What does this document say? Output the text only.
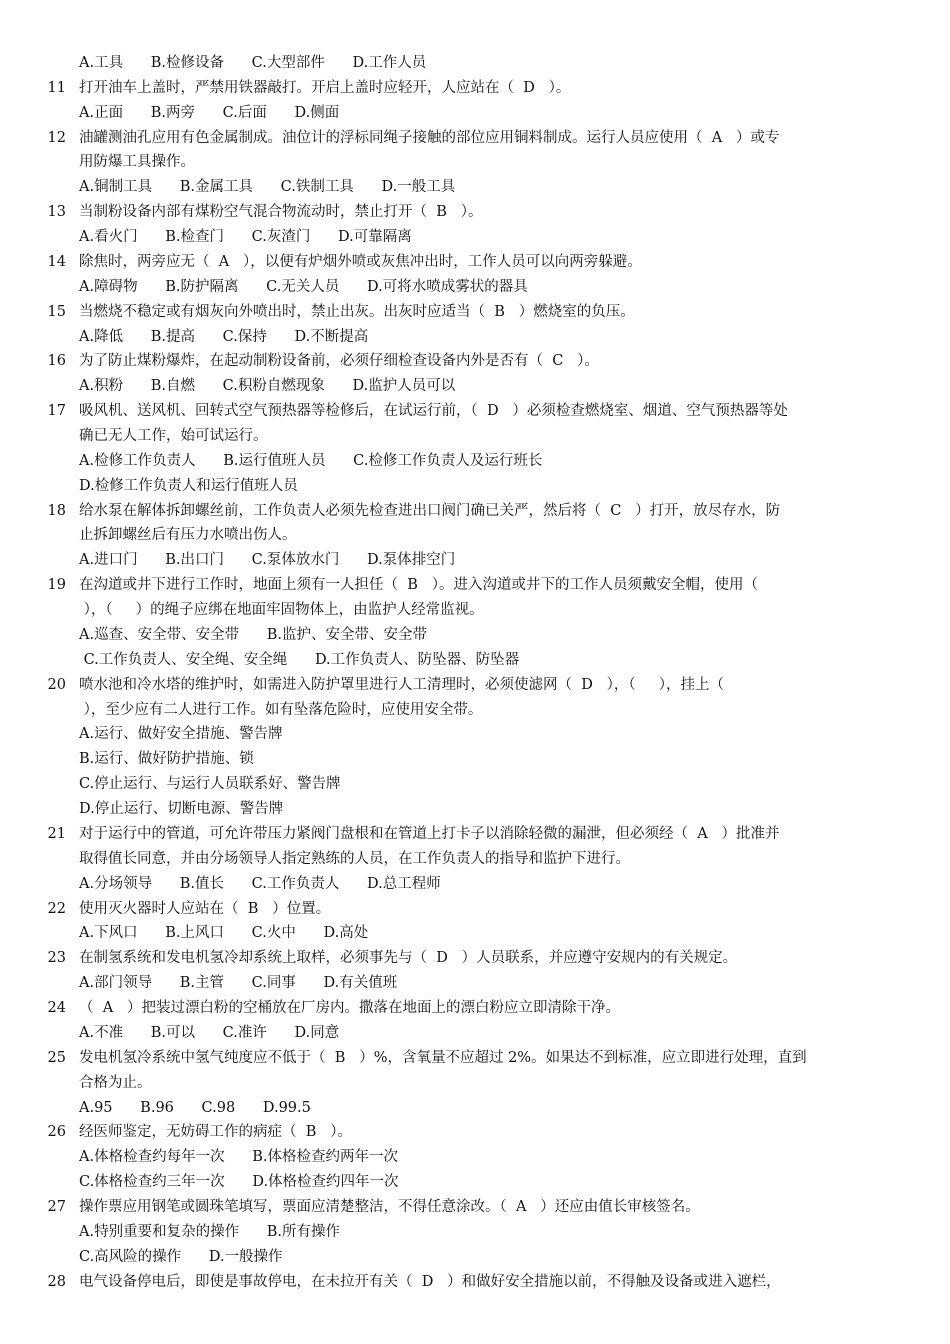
A.工具      B.检修设备      C.大型部件      D.工作人员
11 打开油车上盖时，严禁用铁器敲打。开启上盖时应轻开，人应站在（  D   ）。
A.正面      B.两旁      C.后面      D.侧面
12 油罐测油孔应用有色金属制成。油位计的浮标同绳子接触的部位应用铜料制成。运行人员应使用（  A   ）或专
用防爆工具操作。
A.铜制工具      B.金属工具      C.铁制工具      D.一般工具
13 当制粉设备内部有煤粉空气混合物流动时，禁止打开（  B   ）。
A.看火门      B.检查门      C.灰渣门      D.可靠隔离
14 除焦时，两旁应无（  A   ），以便有炉烟外喷或灰焦冲出时，工作人员可以向两旁躲避。
A.障碍物      B.防护隔离      C.无关人员      D.可将水喷成雾状的器具
15 当燃烧不稳定或有烟灰向外喷出时，禁止出灰。出灰时应适当（  B   ）燃烧室的负压。
A.降低      B.提高      C.保持      D.不断提高
16 为了防止煤粉爆炸，在起动制粉设备前，必须仔细检查设备内外是否有（  C   ）。
A.积粉      B.自燃      C.积粉自燃现象      D.监护人员可以
17 吸风机、送风机、回转式空气预热器等检修后，在试运行前，（  D   ）必须检查燃烧室、烟道、空气预热器等处
确已无人工作，始可试运行。
A.检修工作负责人      B.运行值班人员      C.检修工作负责人及运行班长
D.检修工作负责人和运行值班人员
18 给水泵在解体拆卸螺丝前，工作负责人必须先检查进出口阀门确已关严，然后将（  C   ）打开，放尽存水，防
止拆卸螺丝后有压力水喷出伤人。
A.进口门      B.出口门      C.泵体放水门      D.泵体排空门
19 在沟道或井下进行工作时，地面上须有一人担任（  B   ）。进入沟道或井下的工作人员须戴安全帽，使用（
），（     ）的绳子应绑在地面牢固物体上，由监护人经常监视。
A.巡查、安全带、安全带      B.监护、安全带、安全带
C.工作负责人、安全绳、安全绳      D.工作负责人、防坠器、防坠器
20 喷水池和冷水塔的维护时，如需进入防护罩里进行人工清理时，必须使滤网（  D   ），（     ），挂上（
），至少应有二人进行工作。如有坠落危险时，应使用安全带。
A.运行、做好安全措施、警告牌
B.运行、做好防护措施、锁
C.停止运行、与运行人员联系好、警告牌
D.停止运行、切断电源、警告牌
21 对于运行中的管道，可允许带压力紧阀门盘根和在管道上打卡子以消除轻微的漏泄，但必须经（  A   ）批准并
取得值长同意，并由分场领导人指定熟练的人员，在工作负责人的指导和监护下进行。
A.分场领导      B.值长      C.工作负责人      D.总工程师
22 使用灭火器时人应站在（  B   ）位置。
A.下风口      B.上风口      C.火中      D.高处
23 在制氢系统和发电机氢冷却系统上取样，必须事先与（  D   ）人员联系，并应遵守安规内的有关规定。
A.部门领导      B.主管      C.同事      D.有关值班
24 （  A   ）把装过漂白粉的空桶放在厂房内。撒落在地面上的漂白粉应立即清除干净。
A.不准      B.可以      C.准许      D.同意
25 发电机氢冷系统中氢气纯度应不低于（  B   ）%，含氧量不应超过 2%。如果达不到标准，应立即进行处理，直到
合格为止。
A.95      B.96      C.98      D.99.5
26 经医师鉴定，无妨碍工作的病症（  B   ）。
A.体格检查约每年一次      B.体格检查约两年一次
C.体格检查约三年一次      D.体格检查约四年一次
27 操作票应用钢笔或圆珠笔填写，票面应清楚整洁，不得任意涂改。（  A   ）还应由值长审核签名。
A.特别重要和复杂的操作      B.所有操作
C.高风险的操作      D.一般操作
28 电气设备停电后，即使是事故停电，在未拉开有关（  D   ）和做好安全措施以前，不得触及设备或进入遮栏，
